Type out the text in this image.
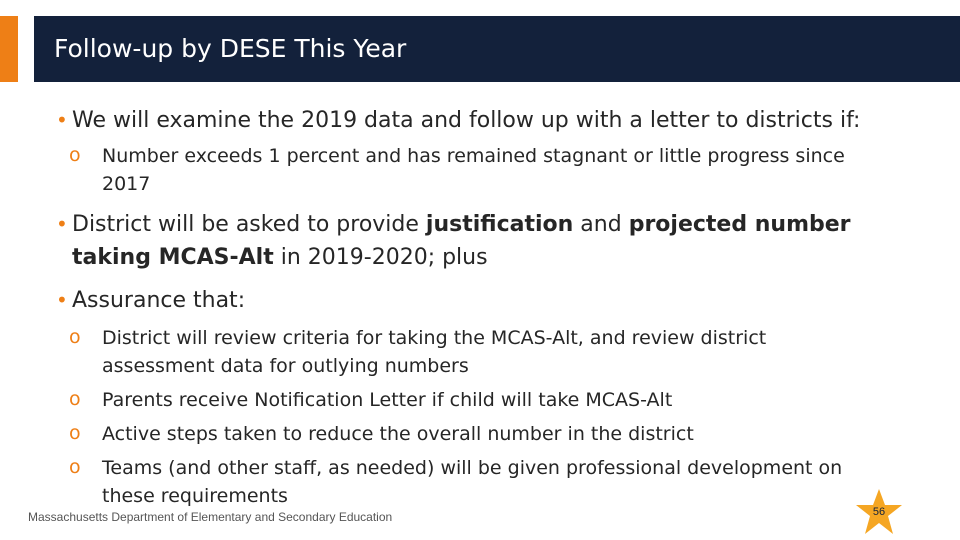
Follow-up by DESE This Year
• We will examine the 2019 data and follow up with a letter to districts if:
o Number exceeds 1 percent and has remained stagnant or little progress since
2017
• District will be asked to provide justification and projected number
taking MCAS-Alt in 2019-2020; plus
• Assurance that:
o District will review criteria for taking the MCAS-Alt, and review district
assessment data for outlying numbers
o Parents receive Notification Letter if child will take MCAS-Alt
o Active steps taken to reduce the overall number in the district
o Teams (and other staff, as needed) will be given professional development on
these requirements
Massachusetts Department of Elementary and Secondary Education	56
